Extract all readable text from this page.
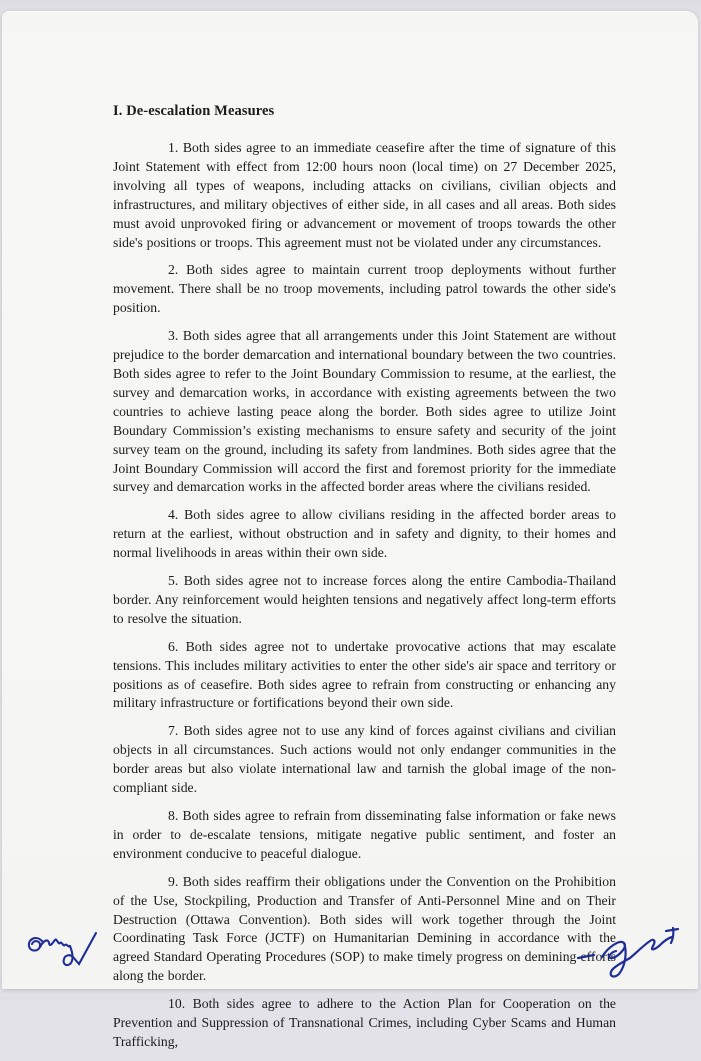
I. De-escalation Measures

1. Both sides agree to an immediate ceasefire after the time of signature of this Joint Statement with effect from 12:00 hours noon (local time) on 27 December 2025, involving all types of weapons, including attacks on civilians, civilian objects and infrastructures, and military objectives of either side, in all cases and all areas. Both sides must avoid unprovoked firing or advancement or movement of troops towards the other side's positions or troops. This agreement must not be violated under any circumstances.

2. Both sides agree to maintain current troop deployments without further movement. There shall be no troop movements, including patrol towards the other side's position.

3. Both sides agree that all arrangements under this Joint Statement are without prejudice to the border demarcation and international boundary between the two countries. Both sides agree to refer to the Joint Boundary Commission to resume, at the earliest, the survey and demarcation works, in accordance with existing agreements between the two countries to achieve lasting peace along the border. Both sides agree to utilize Joint Boundary Commission’s existing mechanisms to ensure safety and security of the joint survey team on the ground, including its safety from landmines. Both sides agree that the Joint Boundary Commission will accord the first and foremost priority for the immediate survey and demarcation works in the affected border areas where the civilians resided.

4. Both sides agree to allow civilians residing in the affected border areas to return at the earliest, without obstruction and in safety and dignity, to their homes and normal livelihoods in areas within their own side.

5. Both sides agree not to increase forces along the entire Cambodia-Thailand border. Any reinforcement would heighten tensions and negatively affect long-term efforts to resolve the situation.

6. Both sides agree not to undertake provocative actions that may escalate tensions. This includes military activities to enter the other side's air space and territory or positions as of ceasefire. Both sides agree to refrain from constructing or enhancing any military infrastructure or fortifications beyond their own side.

7. Both sides agree not to use any kind of forces against civilians and civilian objects in all circumstances. Such actions would not only endanger communities in the border areas but also violate international law and tarnish the global image of the non-compliant side.

8. Both sides agree to refrain from disseminating false information or fake news in order to de-escalate tensions, mitigate negative public sentiment, and foster an environment conducive to peaceful dialogue.

9. Both sides reaffirm their obligations under the Convention on the Prohibition of the Use, Stockpiling, Production and Transfer of Anti-Personnel Mine and on Their Destruction (Ottawa Convention). Both sides will work together through the Joint Coordinating Task Force (JCTF) on Humanitarian Demining in accordance with the agreed Standard Operating Procedures (SOP) to make timely progress on demining efforts along the border.

10. Both sides agree to adhere to the Action Plan for Cooperation on the Prevention and Suppression of Transnational Crimes, including Cyber Scams and Human Trafficking,
